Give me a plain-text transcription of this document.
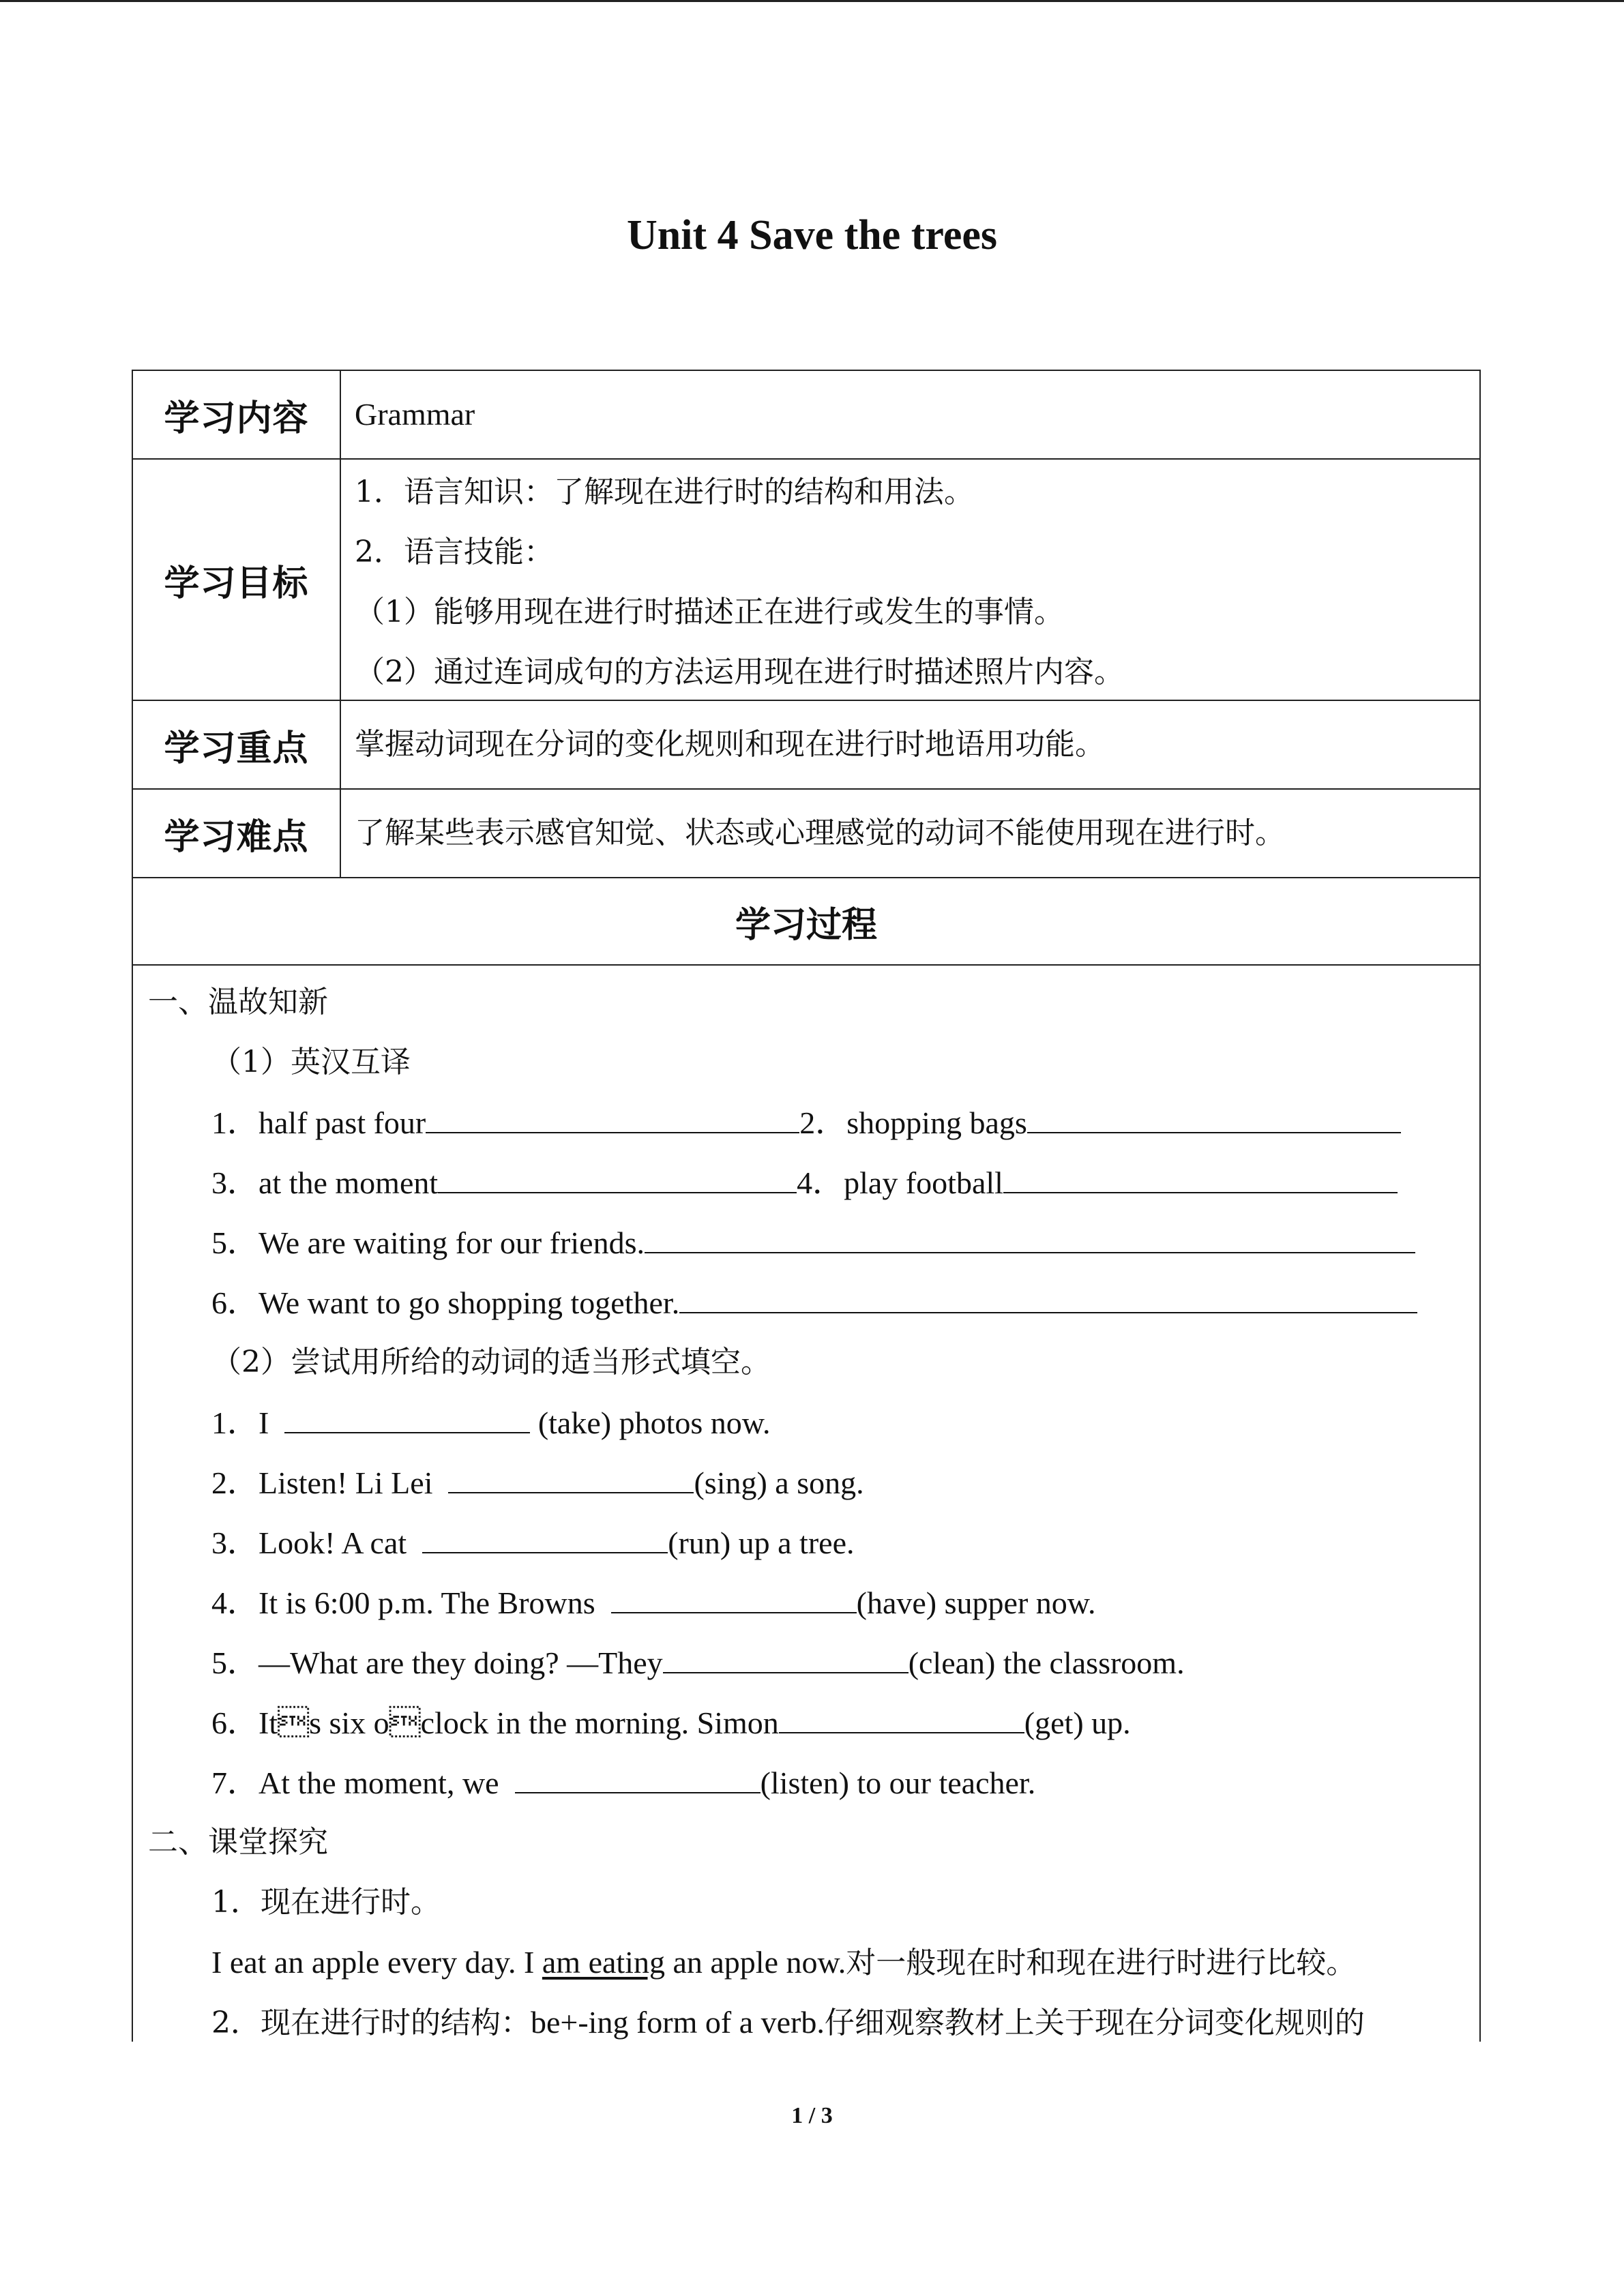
Unit 4 Save the trees
学习内容	Grammar
学习目标
1．语言知识：了解现在进行时的结构和用法。
2．语言技能：
（1）能够用现在进行时描述正在进行或发生的事情。
（2）通过连词成句的方法运用现在进行时描述照片内容。
学习重点	掌握动词现在分词的变化规则和现在进行时地语用功能。
学习难点	了解某些表示感官知觉、状态或心理感觉的动词不能使用现在进行时。
学习过程
一、温故知新
（1）英汉互译
1．half past four	2．shopping bags
3．at the moment	4．play football
5．We are waiting for our friends.
6．We want to go shopping together.
（2）尝试用所给的动词的适当形式填空。
1．I	(take) photos now.
2．Listen! Li Lei	(sing) a song.
3．Look! A cat	(run) up a tree.
4．It is 6:00 p.m. The Browns	(have) supper now.
5．—What are they doing? —They	(clean) the classroom.
6．Its six oclock in the morning. Simon	(get) up.
7．At the moment, we	(listen) to our teacher.
二、课堂探究
1．现在进行时。
I eat an apple every day. I am eating an apple now.对一般现在时和现在进行时进行比较。
2．现在进行时的结构：be+-ing form of a verb.仔细观察教材上关于现在分词变化规则的
1 / 3
